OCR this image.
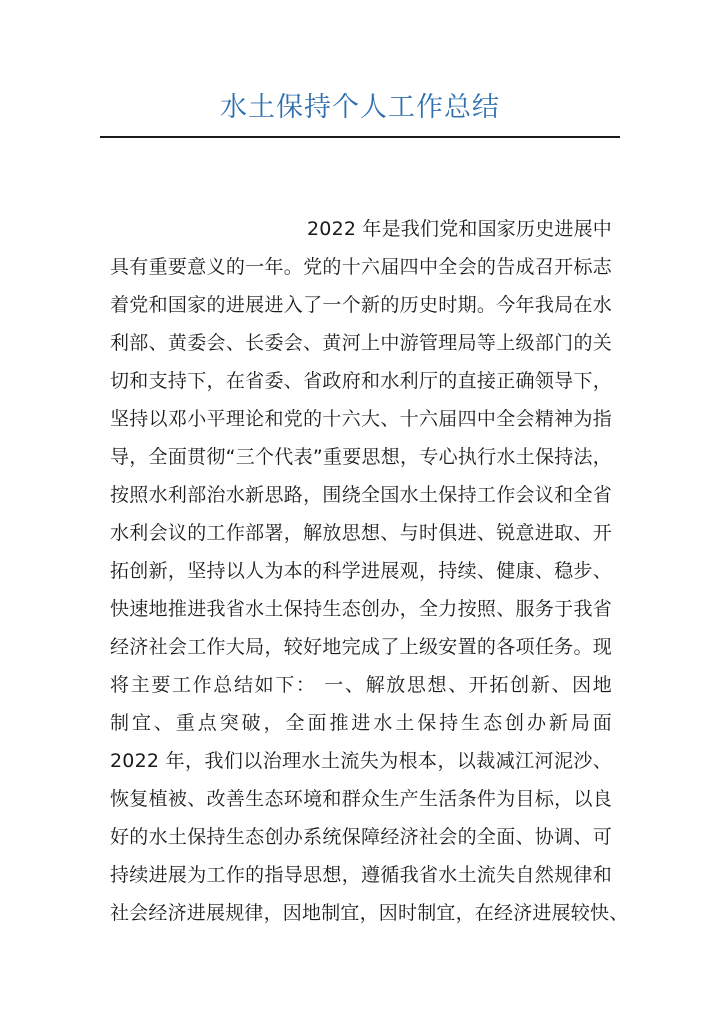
水土保持个人工作总结
2022 年是我们党和国家历史进展中
具有重要意义的一年。党的十六届四中全会的告成召开标志
着党和国家的进展进入了一个新的历史时期。今年我局在水
利部、黄委会、长委会、黄河上中游管理局等上级部门的关
切和支持下，在省委、省政府和水利厅的直接正确领导下，
坚持以邓小平理论和党的十六大、十六届四中全会精神为指
导，全面贯彻“三个代表”重要思想，专心执行水土保持法，
按照水利部治水新思路，围绕全国水土保持工作会议和全省
水利会议的工作部署，解放思想、与时俱进、锐意进取、开
拓创新，坚持以人为本的科学进展观，持续、健康、稳步、
快速地推进我省水土保持生态创办，全力按照、服务于我省
经济社会工作大局，较好地完成了上级安置的各项任务。现
将主要工作总结如下： 一、解放思想、开拓创新、因地
制宜、重点突破，全面推进水土保持生态创办新局面
2022 年，我们以治理水土流失为根本，以裁减江河泥沙、
恢复植被、改善生态环境和群众生产生活条件为目标，以良
好的水土保持生态创办系统保障经济社会的全面、协调、可
持续进展为工作的指导思想，遵循我省水土流失自然规律和
社会经济进展规律，因地制宜，因时制宜，在经济进展较快、
